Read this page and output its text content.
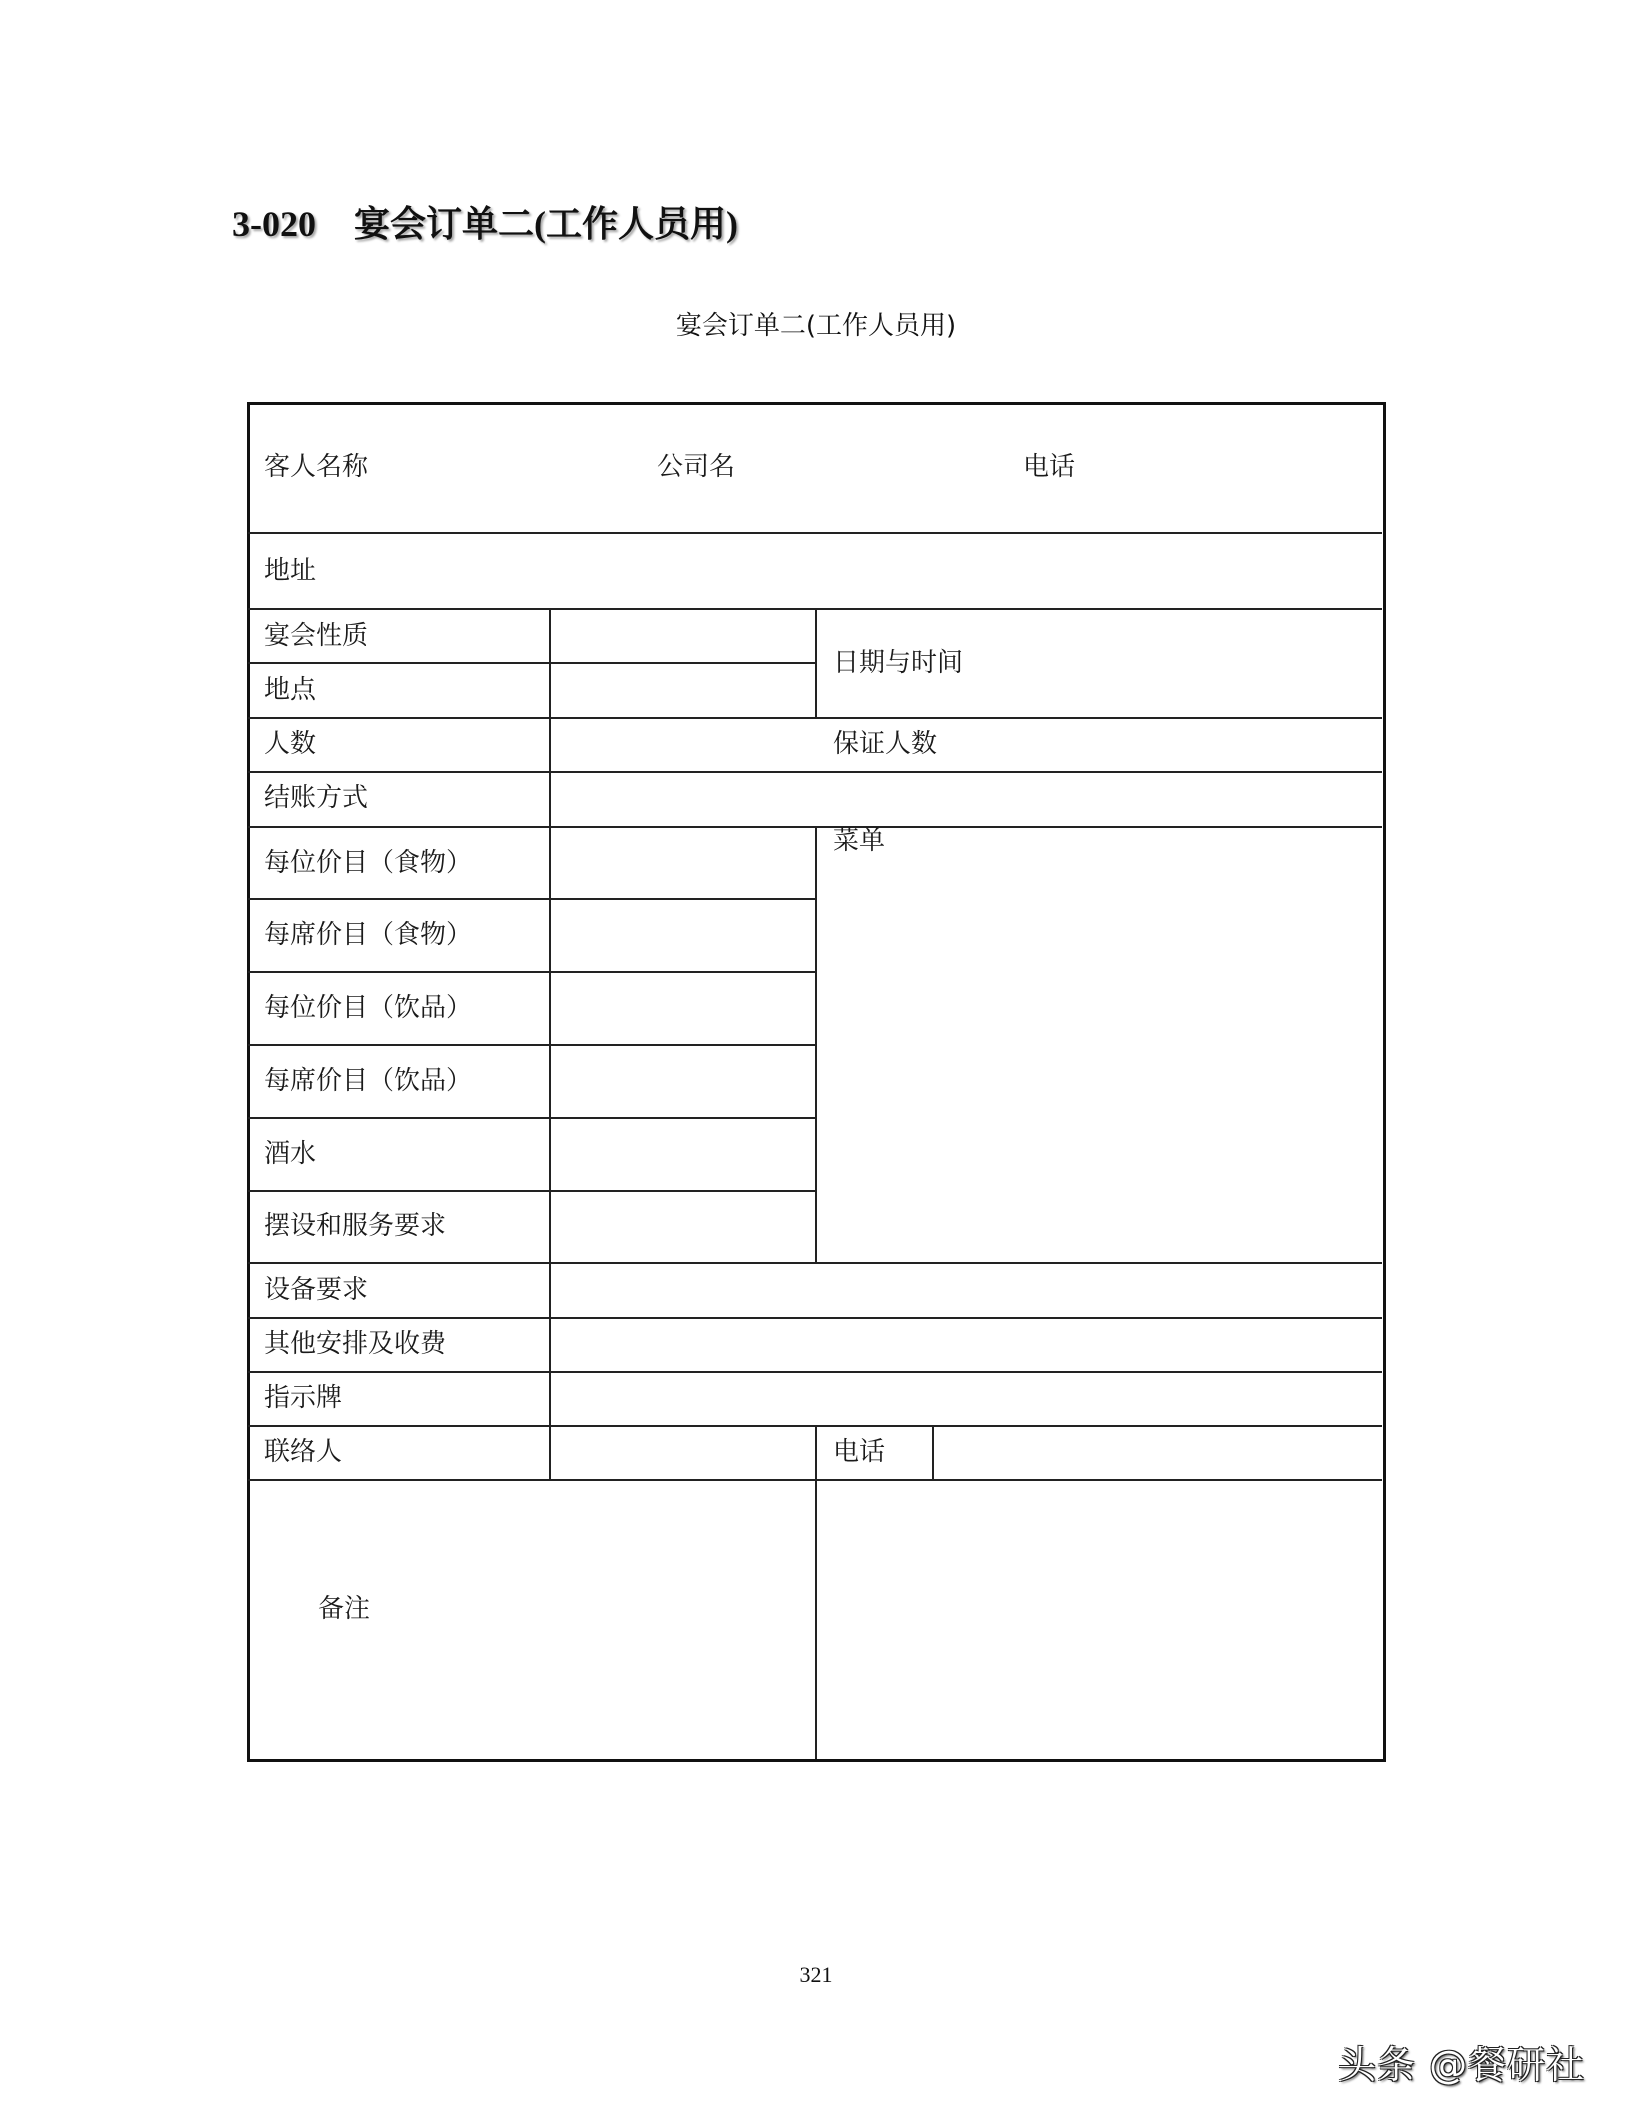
3-020 宴会订单二(工作人员用)
宴会订单二(工作人员用)
客人名称	公司名	电话
地址
宴会性质
地点
日期与时间
人数	保证人数
结账方式
菜单
每位价目（食物）
每席价目（食物）
每位价目（饮品）
每席价目（饮品）
酒水
摆设和服务要求
设备要求
其他安排及收费
指示牌
联络人	电话
备注
321
头条 @餐研社
